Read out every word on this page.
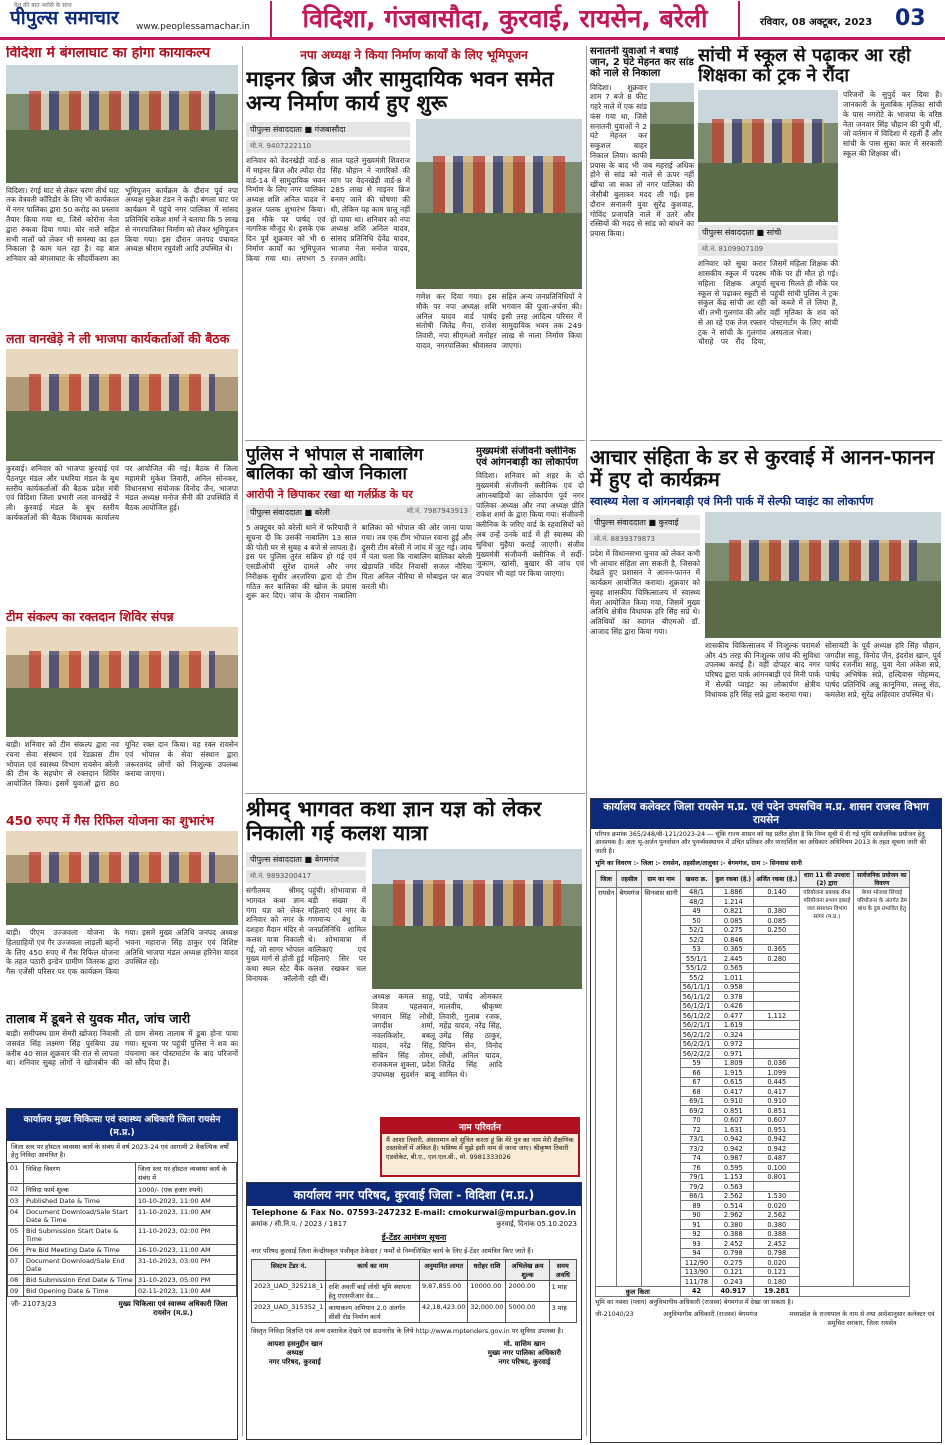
देश की बात भरोसे के साथ
पीपुल्स समाचार www.peoplessamachar.in	विदिशा, गंजबासौदा, कुरवाई, रायसेन, बरेली	रविवार, 08 अक्टूबर, 2023 03
विदिशा में बंगलाघाट का होगा कायाकल्प
विदिशा। रंगई घाट से लेकर चरण तीर्थ घाट तक वेत्रवती कॉरिडोर के लिए भी कार्यकाल में नगर पालिका द्वारा 50 करोड़ का प्रस्ताव तैयार किया गया था, जिसे कोरोना नेता द्वारा रुकवा दिया गया। चोर नाले सहित सभी नालों को लेकर भी समस्या का हल निकाला है काम चल रहा है। वह बात शनिवार को बंगलाघाट के सौंदर्यीकरण का भूमिपूजन कार्यक्रम के दौरान पूर्व नपा अध्यक्ष मुकेश टंडन ने कही। बंगला घाट पर कार्यक्रम में पहुंचे नगर पालिका में सांसद प्रतिनिधि राकेश शर्मा ने बताया कि 5 लाख से नगरपालिका निर्माण को लेकर भूमिपूजन किया गया। इस दौरान जनपद पंचायत अध्यक्ष श्रीराम रघुवंशी आदि उपस्थित थे।
लता वानखेड़े ने ली भाजपा कार्यकर्ताओं की बैठक
कुरवाई। शनिवार को भाजपा कुरवाई एवं पैठनपुर मंडल और पथरिया मंडल के बूथ स्तरीय कार्यकर्ताओं की बैठक प्रदेश मंत्री एवं विदिशा जिला प्रभारी लता वानखेड़े ने ली। कुरवाई मंडल के बूथ स्तरीय कार्यकर्ताओं की बैठक विधायक कार्यालय पर आयोजित की गई। बैठक में जिला महामंत्री मुकेश तिवारी, अनिल सोनकर, विधानसभा संयोजक विनोद जैन, भाजपा मंडल अध्यक्ष मनोज सैनी की उपस्थिति में बैठक आयोजित हुई।
टीम संकल्प का रक्तदान शिविर संपन्न
बाड़ी। शनिवार को टीम संकल्प द्वारा नव रचना सेवा संस्थान एवं रेडक्रास टीम भोपाल एवं स्वास्थ्य विभाग रायसेन बरेली की टीम के सहयोग से रक्तदान शिविर आयोजित किया। इसमें युवाओं द्वारा 80 यूनिट रक्त दान किया। यह रक्त रायसेन एवं भोपाल के सेवा संस्थान द्वारा जरूरतमंद लोगों को निःशुल्क उपलब्ध कराया जाएगा।
450 रुपए में गैस रिफिल योजना का शुभारंभ
बाड़ी। पीएम उज्जवला योजना के हितग्राहियों एवं गैर उज्जवला लाड़ली बहनों के लिए 450 रुपए में गैस रिफिल योजना के तहत पठारी इन्डेन ग्रामीण वितरक द्वारा गैस एजेंसी परिसर पर एक कार्यक्रम किया गया। इसमें मुख्य अतिथि जनपद अध्यक्ष भवना महाराज सिंह ठाकुर एवं विशिष्ट अतिथि भाजपा मंडल अध्यक्ष हरिनेश यादव उपस्थित रहे।
तालाब में डूबने से युवक मौत, जांच जारी
बाड़ी। समीपस्थ ग्राम सेमरी खोजरा निवासी जसवंत सिंह लक्ष्मण सिंह पुरबिया उम्र करीब 40 साल शुक्रवार की रात से लापता था। शनिवार सुबह लोगों ने खोजबीन की तो ग्राम सेमरा तालाब में डूबा होना पाया गया। सूचना पर पहुंची पुलिस ने शव का पंचनामा कर पोस्टमार्टम के बाद परिजनों को सौंप दिया है।
कार्यालय मुख्य चिकित्सा एवं स्वास्थ्य अधिकारी जिला रायसेन (म.प्र.)
जिला स्तर पर हॉस्टल व्यवस्था कार्य के संबंध में वर्ष 2023-24 एवं आगामी 2 वैकल्पिक वर्षों हेतु निविदा आमंत्रित है।
01	निविदा विवरण	जिला स्तर पर हॉस्टल व्यवस्था कार्य के संबंध में
02	निविदा फार्म शुल्क	1000/- (एक हजार रुपये)
03	Published Date & Time	10-10-2023, 11:00 AM
04	Document Download/Sale Start Date & Time	11-10-2023, 11:00 AM
05	Bid Submission Start Date & Time	11-10-2023, 02:00 PM
06	Pre Bid Meeting Date & Time	16-10-2023, 11:00 AM
07	Document Download/Sale End Date	31-10-2023, 03:00 PM
08	Bid Submission End Date & Time	31-10-2023, 05:00 PM
09	Bid Opening Date & Time	02-11-2023, 11:00 AM
जी- 21073/23	मुख्य चिकित्सा एवं स्वास्थ्य अधिकारी जिला रायसेन (म.प्र.)
नपा अध्यक्ष ने किया निर्माण कार्यों के लिए भूमिपूजन
माइनर ब्रिज और सामुदायिक भवन समेत अन्य निर्माण कार्य हुए शुरू
पीपुल्स संवाददाता ■ गंजबासौदा
मो.नं. 9407222110
शनिवार को वेदनखेड़ी वार्ड-8 में माइनर ब्रिज और त्योंदा रोड वार्ड-14 में सामुदायिक भवन निर्माण के लिए नगर पालिका अध्यक्ष शशि अनिल यादव ने कुशल पलक शुभारंभ किया। इस मौके पर पार्षद एवं नागरिक मौजूद थे। इसके एक दिन पूर्व शुक्रवार को भी 6 निर्माण कार्यों का भूमिपूजन किया गया था। लगभग 5 साल पहले मुख्यमंत्री शिवराज सिंह चौहान ने नागरिकों की मांग पर वेदनखेड़ी वार्ड-8 में 285 लाख से माइनर ब्रिज बनाए जाने की घोषणा की थी, लेकिन यह काम चालू नहीं हो पाया था। शनिवार को नपा अध्यक्ष शशि अनिल यादव, सांसद प्रतिनिधि देवेंद्र यादव, भाजपा नेता मनोज यादव, रज्जन आदि।
गणेश कर दिया गया। इस मौके पर नपा अध्यक्ष शशि अनिल यादव वार्ड पार्षद संतोषी जितेंद्र मैना, राजेश तिवारी, नपा सीएमओ मनोहर यादव, नगरपालिका श्रीवास्तव सहित अन्य जनप्रतिनिधियों ने भगवान की पूजा-अर्चना की। इसी तरह आदित्य परिसर में सामुदायिक भवन तक 249 लाख से नाला निर्माण किया जाएगा।
सनातनी युवाओं ने बचाई जान, 2 घंटे मेहनत कर सांड को नाले से निकाला
विदिशा। शुक्रवार शाम 7 बजे 8 फीट गहरे नाले में एक सांड फंस गया था, जिसे सनातनी युवाओं ने 2 घंटे मेहनत कर सकुशल बाहर निकाल लिया। काफी प्रयास के बाद भी जब महराई अधिक होने से सांड को नाले से ऊपर नहीं खींचा जा सका तो नगर पालिका की जेसीबी बुलाकर मदद ली गई। इस दौरान सनातनी युवा सुरेंद्र कुशवाह, गोविंद प्रजापति नाले में उतरे और रस्सियों की मदद से सांड को बांधने का प्रयास किया।
सांची में स्कूल से पढ़ाकर आ रही शिक्षका को ट्रक ने रौंदा
पीपुल्स संवाददाता ■ सांची
मो.नं. 8109907109
शनिवार को सुबा करार शासकीय स्कूल में पदस्थ महिला शिक्षक अपूर्वा स्कूल से पढ़ाकर स्कूटी से संकुल केंद्र सांची आ रही थीं। तभी गुलगांव की ओर से आ रहे एक तेज रफ्तार ट्रक ने सांची के गुलगांव चौराहे पर रौंद दिया, जिसमें महिला शिक्षक की मौके पर ही मौत हो गई। सूचना मिलते ही मौके पर पहुंची सांची पुलिस ने ट्रक को कब्जे में ले लिया है, वहीं मृतिका के शव को पोस्टमार्टम के लिए सांची अस्पताल भेजा।
परिजनों के सुपुर्द कर दिया है। जानकारी के मुताबिक मृतिका सांची के पास नगरोटे के भाजपा के वरिष्ठ नेता जनवार सिंह चौहान की पुत्री थीं, जो वर्तमान में विदिशा में रहती हैं और सांची के पास सुका कार में सरकारी स्कूल की शिक्षका थीं।
पुलिस ने भोपाल से नाबालिग बालिका को खोज निकाला
आरोपी ने छिपाकर रखा था गर्लफ्रेंड के घर
पीपुल्स संवाददाता ■ बरेली	मो.नं. 7987943913
5 अक्टूबर को बरेली थाने में फरियादी ने सूचना दी कि उसकी नाबालिग 13 साल की पोती घर से सुबह 4 बजे से लापता है। इस पर पुलिस तुरंत सक्रिय हो गई एवं एसडीओपी सुरेश दामले और नगर निरीक्षक सुधीर अरजरिया द्वारा दो टीम गठित कर बालिका की खोज के प्रयास शुरू कर दिए। जांच के दौरान नाबालिग बालिका को भोपाल की ओर जाना पाया गया। तब एक टीम भोपाल रवाना हुई और दूसरी टीम बरेली में जांच में जुट गई। जांच में पता चला कि नाबालिग बालिका बरेली खेड़ापति मंदिर निवासी सजल नौरिया पिता अनिल नौरिया से मोबाइल पर बात करती थी।
मुख्यमंत्री संजीवनी क्लीनिक एवं आंगनबाड़ी का लोकार्पण
विदिशा। शनिवार को शहर के दो मुख्यमंत्री संजीवनी क्लीनिक एवं दो आंगनबाड़ियों का लोकार्पण पूर्व नगर पालिका अध्यक्ष और नपा अध्यक्ष प्रीति राकेश शर्मा के द्वारा किया गया। संजीवनी क्लीनिक के जरिए वार्ड के रहवासियों को अब उन्हें उनके वार्ड में ही स्वास्थ्य की सुविधा मुहैया कराई जाएगी। संजीव मुख्यमंत्री संजीवनी क्लीनिक में सर्दी-जुकाम, खांसी, बुखार की जांच एवं उपचार भी यहां पर किया जाएगा।
आचार संहिता के डर से कुरवाई में आनन-फानन में हुए दो कार्यक्रम
स्वास्थ्य मेला व आंगनबाड़ी एवं मिनी पार्क में सेल्फी प्वाइंट का लोकार्पण
पीपुल्स संवाददाता ■ कुरवाई
मो.नं. 8839379873
प्रदेश में विधानसभा चुनाव को लेकर कभी भी आचार संहिता लग सकती है, जिसको देखते हुए प्रशासन ने आनन-फानन में कार्यक्रम आयोजित कराया। शुक्रवार को सुबह शासकीय चिकित्सालय में स्वास्थ्य मेला आयोजित किया गया, जिसमें मुख्य अतिथि क्षेत्रीय विधायक हरि सिंह सप्रे थे। अतिथियों का स्वागत बीएमओ डॉ. आजाद सिंह द्वारा किया गया।
शासकीय चिकित्सालय में निःशुल्क परामर्श और 45 तरह की निःशुल्क जांच की सुविधा उपलब्ध कराई है। वहीं दोपहर बाद नगर परिषद द्वारा पार्क आंगनबाड़ी एवं मिनी पार्क में सेल्फी प्वाइंट का लोकार्पण क्षेत्रीय विधायक हरि सिंह सप्रे द्वारा कराया गया।
सोसायटी के पूर्व अध्यक्ष हरि सिंह चौहान, जगदीश साहू, विनोद जैन, इंदरोश खान, पूर्व पार्षद रजनीश साहू, युवा नेता अंकेश सप्रे, पार्षद अभिषेक सप्रे, हल्दिवास मोहम्मद, पार्षद प्रतिनिधि अन्नू कानूनिया, लल्लू सेठ, कमलेश सप्रे, सुरेंद्र अहिरवार उपस्थित थे।
श्रीमद् भागवत कथा ज्ञान यज्ञ को लेकर निकाली गई कलश यात्रा
पीपुल्स संवाददाता ■ बेगमगंज
मो.नं. 9893200417
संगीतमय श्रीमद् भागवत कथा ज्ञान गंगा यज्ञ को लेकर शनिवार को नगर के दशहरा मैदान मंदिर से कलश यात्रा निकाली गई, जो सागर भोपाल मुख्य मार्ग से होती हुई कथा स्थल स्टेट बैंक विनायक कॉलोनी पहुंची। शोभायात्रा में बड़ी संख्या में महिलाएं एवं नगर के गणमान्य बंधु व जनप्रतिनिधि शामिल थे। शोभायात्रा में बालिकाएं एवं महिलाएं सिर पर कलश रखकर चल रही थीं।
अध्यक्ष कमल साहू, विजय पहलवान, भगवान सिंह लोधी, जगदीश शर्मा, नवलकिशोर, बबलू यादव, नरेंद्र सिंह, सचिन सिंह तोमर, राजकमल शुक्ला, प्रदेश उपाध्यक्ष सुदर्शन बाबू पांडे, पार्षद ओमकार मालवीय, श्रीकृष्ण तिवारी, गुलाब रजक, महेंद्र यादव, नरेंद्र सिंह, उमेंद्र सिंह ठाकुर, विपिन सेन, विनोद लोधी, अनिल यादव, जितेंद्र सिंह आदि शामिल थे।
नाम परिवर्तन
मैं आशा तिवारी, अंसारमान को सूचित करता हूं कि मेरे पुत्र का नाम मेरी शैक्षणिक दस्तावेजों में अंकित है। भविष्य में मुझे इसी नाम से जाना जाए। श्रीकृष्ण तिवारी एडवोकेट, बी.ए., एल.एल.बी., मो. 9981333026
कार्यालय नगर परिषद, कुरवाई जिला - विदिशा (म.प्र.)
Telephone & Fax No. 07593-247232 E-mail: cmokurwai@mpurban.gov.in
क्रमांक / सी.नि.प. / 2023 / 1817	कुरवाई, दिनांक 05.10.2023
ई-टेंडर आमंत्रण सूचना
नगर परिषद कुरवाई जिला केन्द्रीयकृत पंजीकृत ठेकेदार / फर्मों से निम्नलिखित कार्य के लिए ई-टेंडर आमंत्रित किए जाते हैं।
सिस्टम टेंडर नं.	कार्य का नाम	अनुमानित लागत	धरोहर राशि	अभिलेख क्रय शुल्क	समय अवधि
2023_UAD_325218_1	राशि अवर्ती बाई लोधी भूमि स्थापना हेतु एएसपीआर ग्रेड...	9,87,855.00	10000.00	2000.00	1 माह
2023_UAD_315352_1	कायाकल्प अभियान 2.0 अंतर्गत सीसी रोड निर्माण कार्य	42,18,423.00	32,000.00	5000.00	3 माह
विस्तृत निविदा विज्ञप्ति एवं अन्य दस्तावेज देखने एवं डाउनलोड के लिये http://www.mptenders.gov.in पर सुविधा उपलब्ध है।
आयशा हसनुद्दीन खान
अध्यक्ष
नगर परिषद, कुरवाई
मो. वासिम खान
मुख्य नगर पालिका अधिकारी
नगर परिषद, कुरवाई
कार्यालय कलेक्टर जिला रायसेन म.प्र. एवं पदेन उपसचिव म.प्र. शासन राजस्व विभाग रायसेन
परिपत्र क्रमांक 365/248/बी-121/2023-24 — चूंकि राज्य शासन को यह प्रतीत होता है कि निम्न सूची में दी गई भूमि सार्वजनिक प्रयोजन हेतु आवश्यक है। अतः भू-अर्जन पुनर्वासन और पुनर्व्यवस्थापन में उचित प्रतिकर और पारदर्शिता का अधिकार अधिनियम 2013 के तहत सूचना जारी की जाती है।
भूमि का विवरण :- जिला :- रायसेन, तहसील/तालुका :- बेगमगंज, ग्राम :- सिनवास सानी
जिला	तहसील	ग्राम का नाम	खसरा क्र.	कुल रकबा (हे.)	अर्जित रकबा (हे.)	धारा 11 की उपधारा (2) द्वारा	सार्वजनिक प्रयोजन का विवरण
रायसेन	बेगमगंज	सिनवास सानी	48/1	1.886	0.140	परियोजना प्रबंधक बीना परियोजना प्रभाग इकाई जल संसाधन विभाग सागर (म.प्र.)	बेगम भोजवा सिंचाई परियोजना के अंतर्गत डेम बांध के डूब प्रभावित हेतु
			48/2	1.214			
			49	0.821	0.380		
			50	0.085	0.085		
			52/1	0.275	0.250		
			52/2	0.846			
			53	0.365	0.365		
			55/1/1	2.445	0.280		
			55/1/2	0.565			
			55/2	1.011			
			56/1/1/1	0.958			
			56/1/1/2	0.378			
			56/1/2/1	0.426			
			56/1/2/2	0.477	1.112		
			56/2/1/1	1.619			
			56/2/1/2	0.324			
			56/2/2/1	0.972			
			56/2/2/2	0.971			
			59	1.809	0.036		
			66	1.915	1.099		
			67	0.615	0.445		
			68	0.417	0.417		
			69/1	0.910	0.910		
			69/2	0.851	0.851		
			70	0.607	0.607		
			72	1.631	0.951		
			73/1	0.942	0.942		
			73/2	0.942	0.942		
			74	0.987	0.487		
			76	0.595	0.100		
			79/1	1.153	0.801		
			79/2	0.563			
			86/1	2.562	1.530		
			89	0.514	0.020		
			90	2.962	2.562		
			91	0.380	0.380		
			92	0.388	0.388		
			93	2.452	2.452		
			94	0.798	0.798		
			112/90	0.275	0.020		
			113/90	0.121	0.121		
			111/78	0.243	0.180		
कुल किता			42	40.917	19.281		
भूमि का नक्शा (प्लान) अनुविभागीय अधिकारी (राजस्व) बेगमगंज में देखा जा सकता है।
जी-21040/23	अनुविभागीय अधिकारी (राजस्व) बेगमगंज	मध्यप्रदेश के राज्यपाल के नाम से तथा आदेशानुसार कलेक्टर एवं समुचित सरकार, जिला रायसेन
